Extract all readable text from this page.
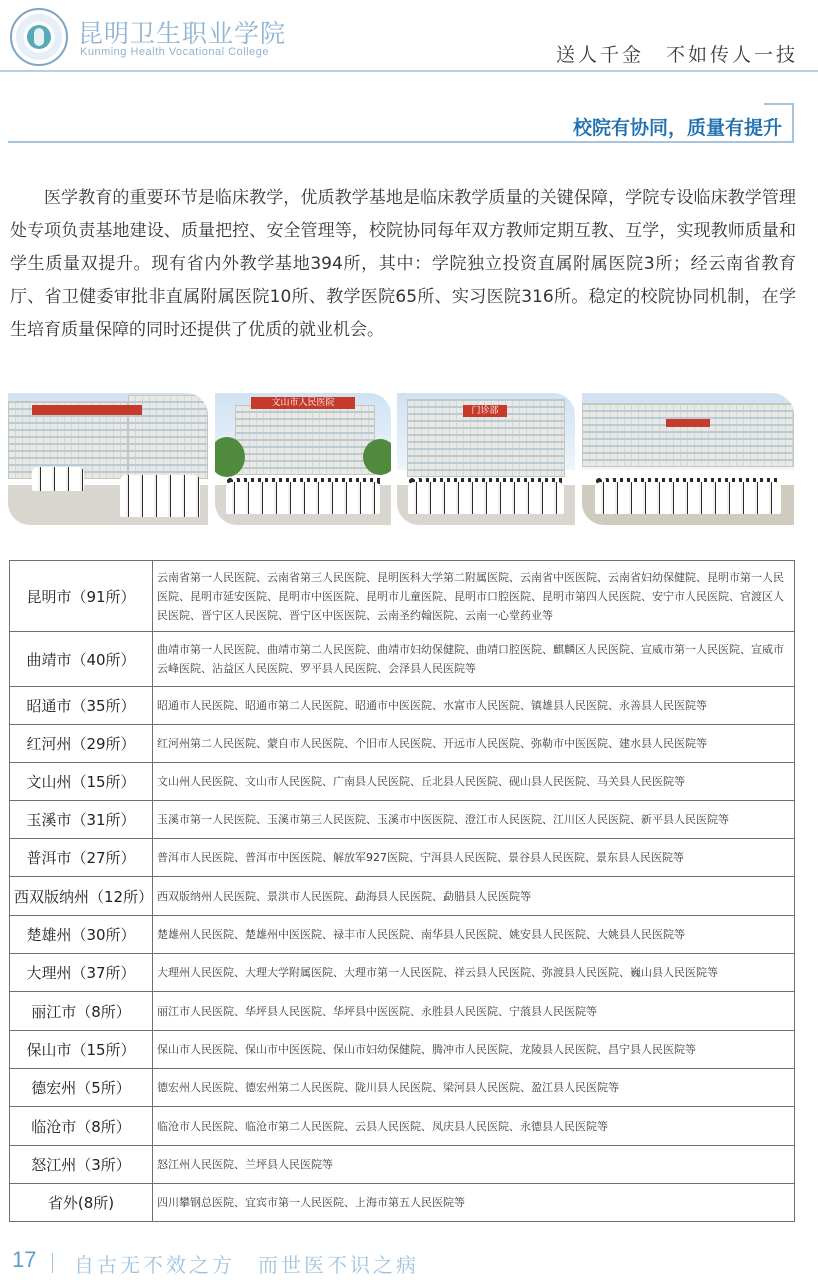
昆明卫生职业学院
Kunming Health Vocational College	送人千金　不如传人一技
校院有协同，质量有提升

医学教育的重要环节是临床教学，优质教学基地是临床教学质量的关键保障，学院专设临床教学管理处专项负责基地建设、质量把控、安全管理等，校院协同每年双方教师定期互教、互学，实现教师质量和学生质量双提升。现有省内外教学基地394所，其中：学院独立投资直属附属医院3所；经云南省教育厅、省卫健委审批非直属附属医院10所、教学医院65所、实习医院316所。稳定的校院协同机制，在学生培育质量保障的同时还提供了优质的就业机会。

文山市人民医院
门诊部
昆明市（91所）	云南省第一人民医院、云南省第三人民医院、昆明医科大学第二附属医院、云南省中医医院、云南省妇幼保健院、昆明市第一人民医院、昆明市延安医院、昆明市中医医院、昆明市儿童医院、昆明市口腔医院、昆明市第四人民医院、安宁市人民医院、官渡区人民医院、晋宁区人民医院、晋宁区中医医院、云南圣约翰医院、云南一心堂药业等
曲靖市（40所）	曲靖市第一人民医院、曲靖市第二人民医院、曲靖市妇幼保健院、曲靖口腔医院、麒麟区人民医院、宣威市第一人民医院、宣威市云峰医院、沾益区人民医院、罗平县人民医院、会泽县人民医院等
昭通市（35所）	昭通市人民医院、昭通市第二人民医院、昭通市中医医院、水富市人民医院、镇雄县人民医院、永善县人民医院等
红河州（29所）	红河州第二人民医院、蒙自市人民医院、个旧市人民医院、开远市人民医院、弥勒市中医医院、建水县人民医院等
文山州（15所）	文山州人民医院、文山市人民医院、广南县人民医院、丘北县人民医院、砚山县人民医院、马关县人民医院等
玉溪市（31所）	玉溪市第一人民医院、玉溪市第三人民医院、玉溪市中医医院、澄江市人民医院、江川区人民医院、新平县人民医院等
普洱市（27所）	普洱市人民医院、普洱市中医医院、解放军927医院、宁洱县人民医院、景谷县人民医院、景东县人民医院等
西双版纳州（12所）	西双版纳州人民医院、景洪市人民医院、勐海县人民医院、勐腊县人民医院等
楚雄州（30所）	楚雄州人民医院、楚雄州中医医院、禄丰市人民医院、南华县人民医院、姚安县人民医院、大姚县人民医院等
大理州（37所）	大理州人民医院、大理大学附属医院、大理市第一人民医院、祥云县人民医院、弥渡县人民医院、巍山县人民医院等
丽江市（8所）	丽江市人民医院、华坪县人民医院、华坪县中医医院、永胜县人民医院、宁蒗县人民医院等
保山市（15所）	保山市人民医院、保山市中医医院、保山市妇幼保健院、腾冲市人民医院、龙陵县人民医院、昌宁县人民医院等
德宏州（5所）	德宏州人民医院、德宏州第二人民医院、陇川县人民医院、梁河县人民医院、盈江县人民医院等
临沧市（8所）	临沧市人民医院、临沧市第二人民医院、云县人民医院、凤庆县人民医院、永德县人民医院等
怒江州（3所）	怒江州人民医院、兰坪县人民医院等
省外(8所)	四川攀钢总医院、宜宾市第一人民医院、上海市第五人民医院等
17 自古无不效之方　而世医不识之病
